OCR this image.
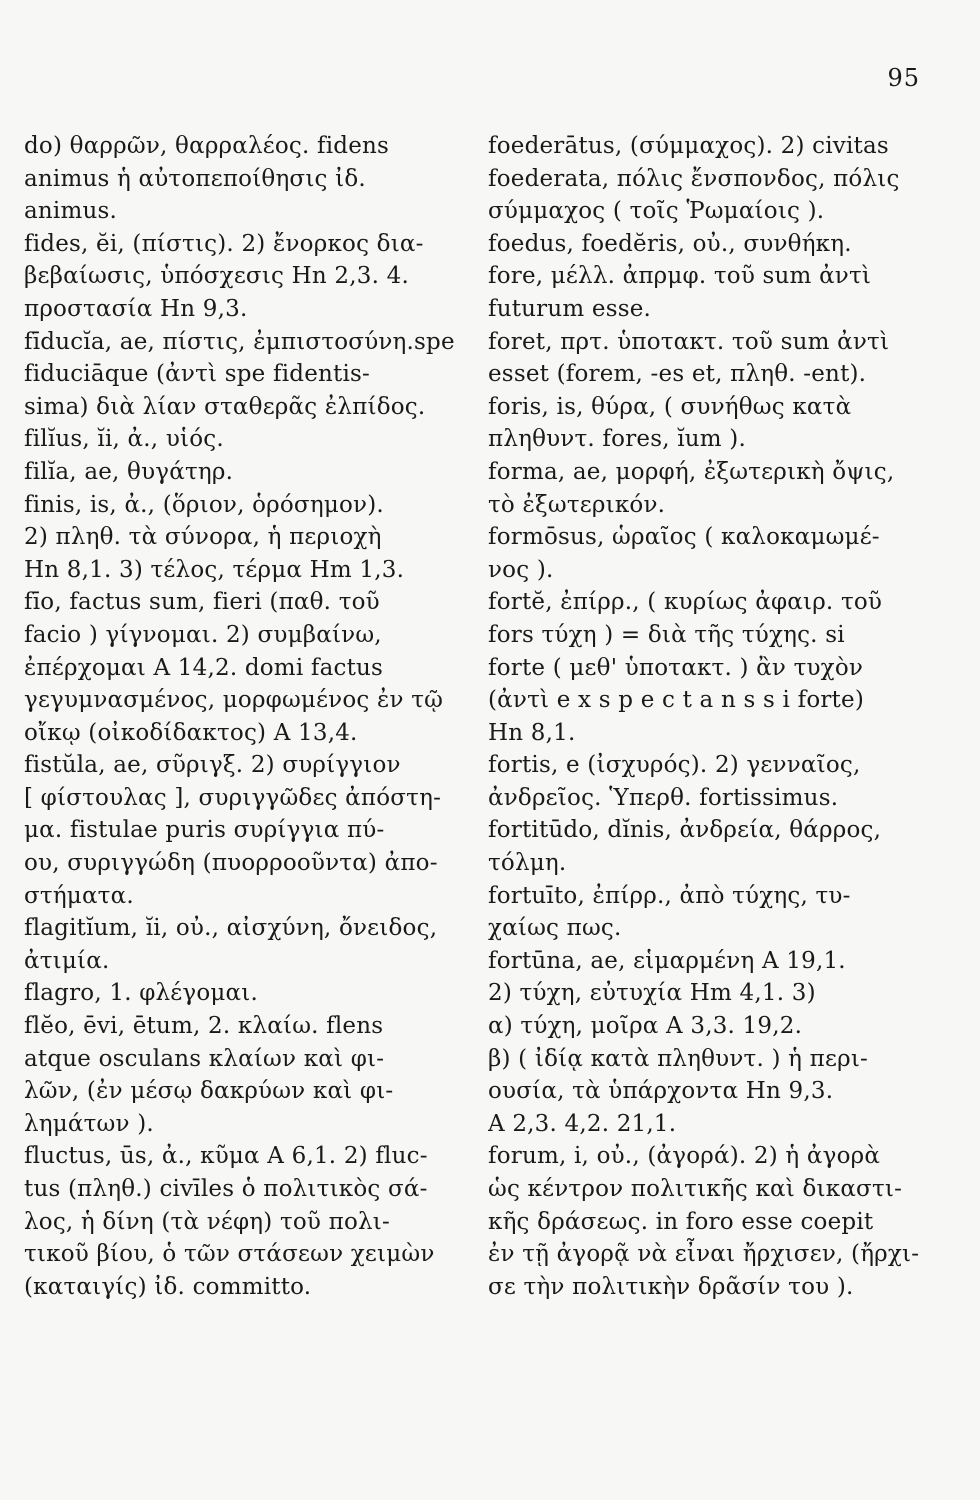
95
do) θαρρῶν, θαρραλέος. fidens
animus ἡ αὐτοπεποίθησις ἰδ.
animus.
fides, ĕi, (πίστις). 2) ἔνορκος δια-
βεβαίωσις, ὑπόσχεσις Hn 2,3. 4.
προστασία Hn 9,3.
fīducĭa, ae, πίστις, ἐμπιστοσύνη.spe
fiduciāque (ἀντὶ spe fidentis-
sima) διὰ λίαν σταθερᾶς ἐλπίδος.
filĭus, ĭi, ἀ., υἱός.
filĭa, ae, θυγάτηρ.
finis, is, ἀ., (ὅριον, ὁρόσημον).
2) πληθ. τὰ σύνορα, ἡ περιοχὴ
Hn 8,1. 3) τέλος, τέρμα Hm 1,3.
fīo, factus sum, fieri (παθ. τοῦ
facio ) γίγνομαι. 2) συμβαίνω,
ἐπέρχομαι A 14,2. domi factus
γεγυμνασμένος, μορφωμένος ἐν τῷ
οἴκῳ (οἰκοδίδακτος) A 13,4.
fistŭla, ae, σῦριγξ. 2) συρίγγιον
[ φίστουλας ], συριγγῶδες ἀπόστη-
μα. fistulae puris συρίγγια πύ-
ου, συριγγώδη (πυορροοῦντα) ἀπο-
στήματα.
flagitĭum, ĭi, οὐ., αἰσχύνη, ὄνειδος,
ἀτιμία.
flagro, 1. φλέγομαι.
flĕo, ēvi, ētum, 2. κλαίω. flens
atque osculans κλαίων καὶ φι-
λῶν, (ἐν μέσῳ δακρύων καὶ φι-
λημάτων ).
fluctus, ūs, ἀ., κῦμα A 6,1. 2) fluc-
tus (πληθ.) civīles ὁ πολιτικὸς σά-
λος, ἡ δίνη (τὰ νέφη) τοῦ πολι-
τικοῦ βίου, ὁ τῶν στάσεων χειμὼν
(καταιγίς) ἰδ. committo.
foederātus, (σύμμαχος). 2) civitas
foederata, πόλις ἔνσπονδος, πόλις
σύμμαχος ( τοῖς Ῥωμαίοις ).
foedus, foedĕris, οὐ., συνθήκη.
fore, μέλλ. ἀπρμφ. τοῦ sum ἀντὶ
futurum esse.
foret, πρτ. ὑποτακτ. τοῦ sum ἀντὶ
esset (forem, -es et, πληθ. -ent).
foris, is, θύρα, ( συνήθως κατὰ
πληθυντ. fores, ĭum ).
forma, ae, μορφή, ἐξωτερικὴ ὄψις,
τὸ ἐξωτερικόν.
formōsus, ὡραῖος ( καλοκαμωμέ-
νος ).
fortĕ, ἐπίρρ., ( κυρίως ἀφαιρ. τοῦ
fors τύχη ) = διὰ τῆς τύχης. si
forte ( μεθ' ὑποτακτ. ) ἂν τυχὸν
(ἀντὶ e x s p e c t a n s s i forte)
Hn 8,1.
fortis, e (ἰσχυρός). 2) γενναῖος,
ἀνδρεῖος. Ὑπερθ. fortissimus.
fortitūdo, dĭnis, ἀνδρεία, θάρρος,
τόλμη.
fortuīto, ἐπίρρ., ἀπὸ τύχης, τυ-
χαίως πως.
fortūna, ae, εἱμαρμένη A 19,1.
2) τύχη, εὐτυχία Hm 4,1. 3)
α) τύχη, μοῖρα A 3,3. 19,2.
β) ( ἰδίᾳ κατὰ πληθυντ. ) ἡ περι-
ουσία, τὰ ὑπάρχοντα Hn 9,3.
A 2,3. 4,2. 21,1.
forum, i, οὐ., (ἀγορά). 2) ἡ ἀγορὰ
ὡς κέντρον πολιτικῆς καὶ δικαστι-
κῆς δράσεως. in foro esse coepit
ἐν τῇ ἀγορᾷ νὰ εἶναι ἤρχισεν, (ἤρχι-
σε τὴν πολιτικὴν δρᾶσίν του ).
